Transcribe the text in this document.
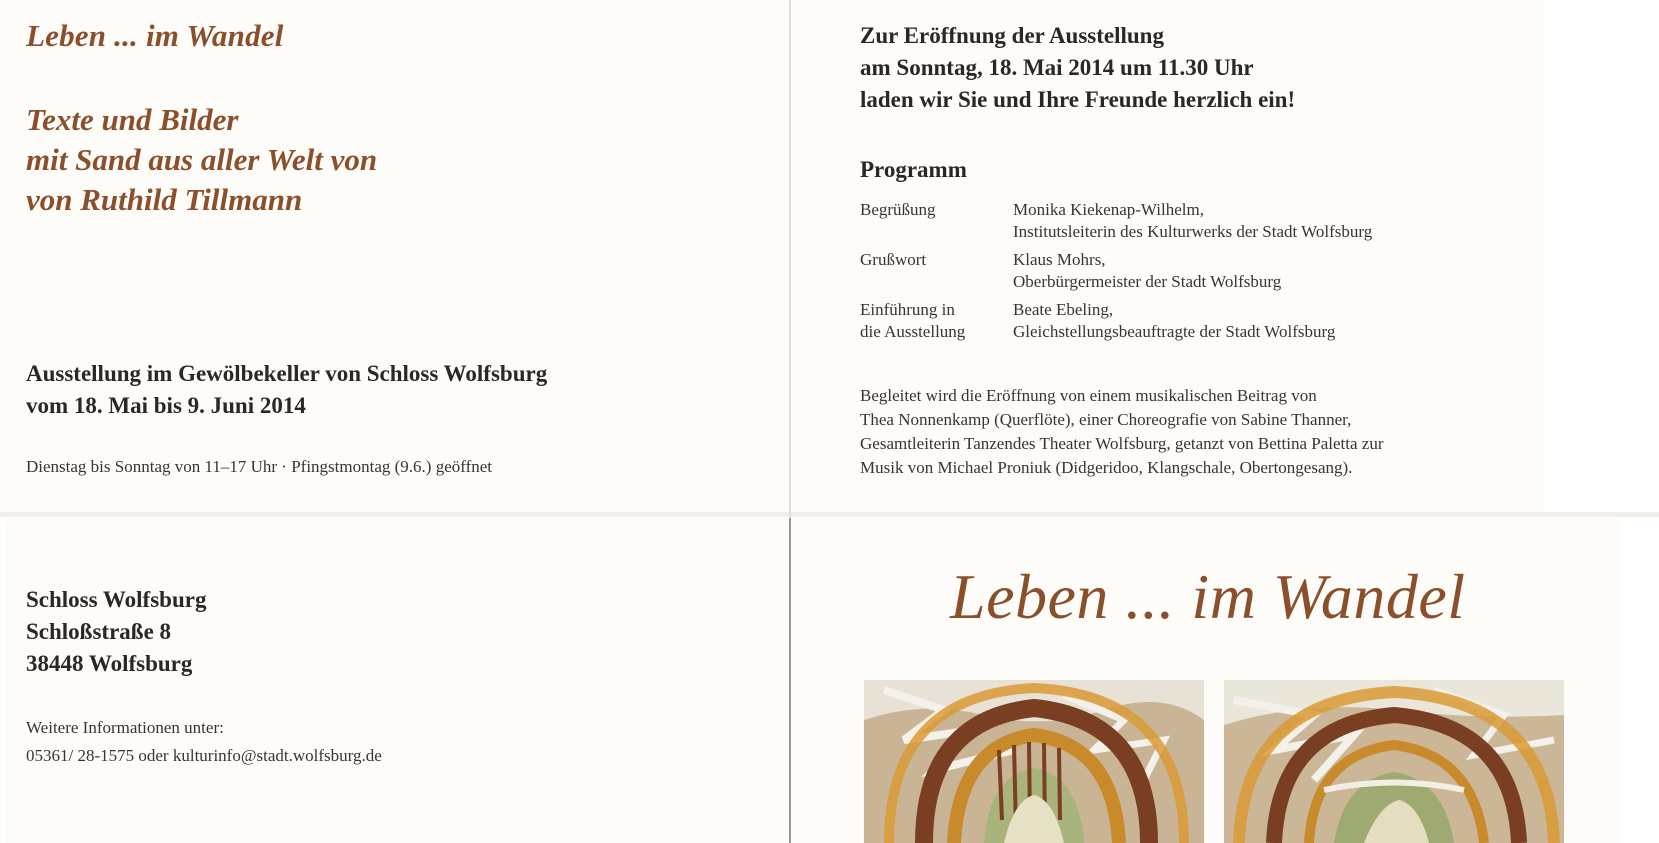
Leben ... im Wandel
Texte und Bilder
mit Sand aus aller Welt von
von Ruthild Tillmann
Ausstellung im Gewölbekeller von Schloss Wolfsburg
vom 18. Mai bis 9. Juni 2014
Dienstag bis Sonntag von 11–17 Uhr · Pfingstmontag (9.6.) geöffnet
Zur Eröffnung der Ausstellung
am Sonntag, 18. Mai 2014 um 11.30 Uhr
laden wir Sie und Ihre Freunde herzlich ein!
Programm
Begrüßung	Monika Kiekenap-Wilhelm,
Institutsleiterin des Kulturwerks der Stadt Wolfsburg
Grußwort	Klaus Mohrs,
Oberbürgermeister der Stadt Wolfsburg
Einführung in
die Ausstellung
Beate Ebeling,
Gleichstellungsbeauftragte der Stadt Wolfsburg
Begleitet wird die Eröffnung von einem musikalischen Beitrag von
Thea Nonnenkamp (Querflöte), einer Choreografie von Sabine Thanner,
Gesamtleiterin Tanzendes Theater Wolfsburg, getanzt von Bettina Paletta zur
Musik von Michael Proniuk (Didgeridoo, Klangschale, Obertongesang).
Schloss Wolfsburg
Schloßstraße 8
38448 Wolfsburg
Weitere Informationen unter:
05361/ 28-1575 oder kulturinfo@stadt.wolfsburg.de
Leben ... im Wandel
